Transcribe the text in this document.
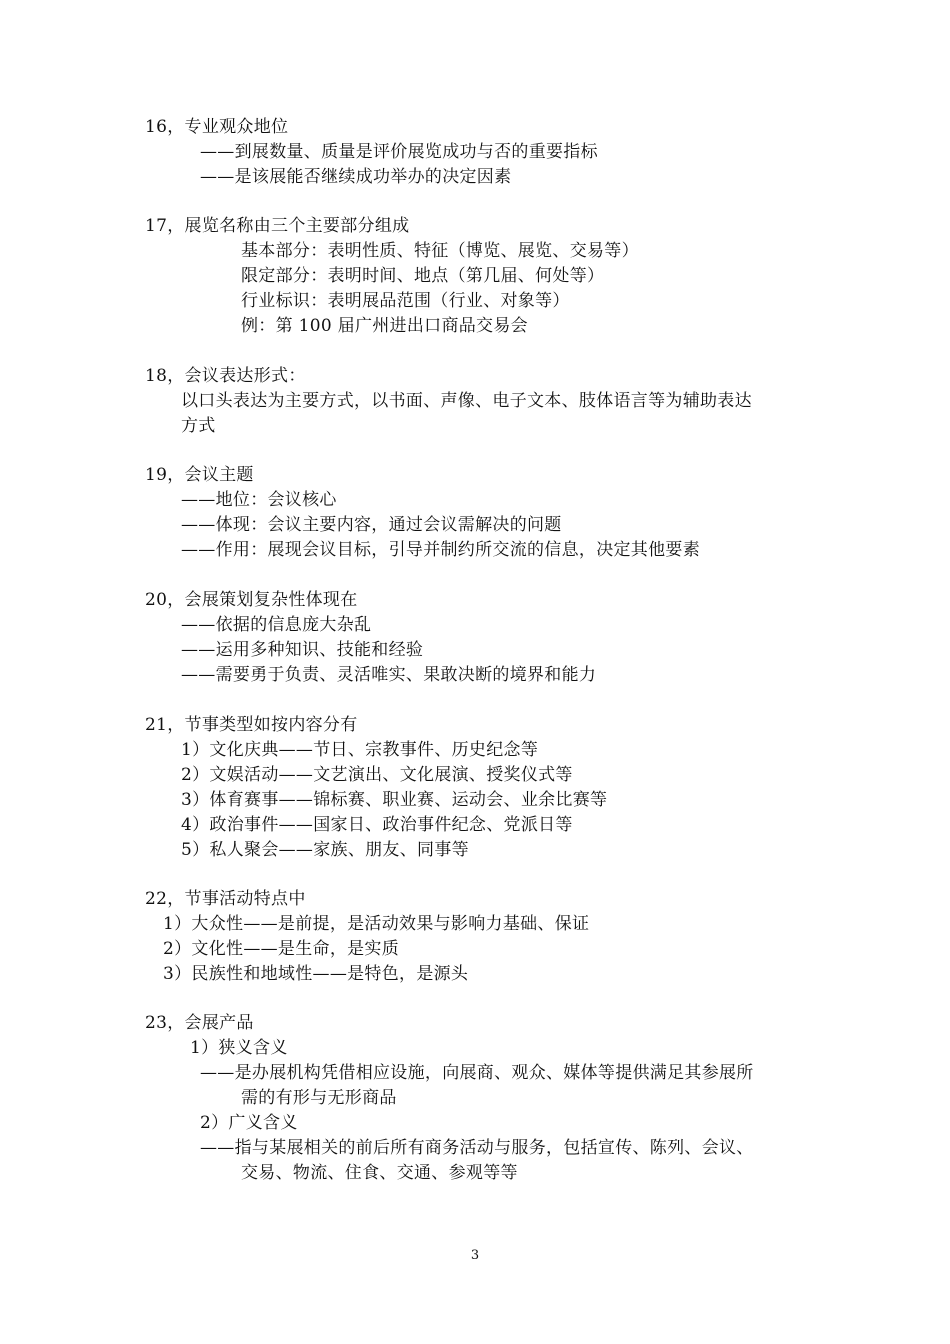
16，专业观众地位
——到展数量、质量是评价展览成功与否的重要指标
——是该展能否继续成功举办的决定因素
17，展览名称由三个主要部分组成
基本部分：表明性质、特征（博览、展览、交易等）
限定部分：表明时间、地点（第几届、何处等）
行业标识：表明展品范围（行业、对象等）
例：第 100 届广州进出口商品交易会
18，会议表达形式：
以口头表达为主要方式，以书面、声像、电子文本、肢体语言等为辅助表达
方式
19，会议主题
——地位：会议核心
——体现：会议主要内容，通过会议需解决的问题
——作用：展现会议目标，引导并制约所交流的信息，决定其他要素
20，会展策划复杂性体现在
——依据的信息庞大杂乱
——运用多种知识、技能和经验
——需要勇于负责、灵活唯实、果敢决断的境界和能力
21，节事类型如按内容分有
1）文化庆典——节日、宗教事件、历史纪念等
2）文娱活动——文艺演出、文化展演、授奖仪式等
3）体育赛事——锦标赛、职业赛、运动会、业余比赛等
4）政治事件——国家日、政治事件纪念、党派日等
5）私人聚会——家族、朋友、同事等
22，节事活动特点中
1）大众性——是前提，是活动效果与影响力基础、保证
2）文化性——是生命，是实质
3）民族性和地域性——是特色，是源头
23，会展产品
1）狭义含义
——是办展机构凭借相应设施，向展商、观众、媒体等提供满足其参展所
需的有形与无形商品
2）广义含义
——指与某展相关的前后所有商务活动与服务，包括宣传、陈列、会议、
交易、物流、住食、交通、参观等等
3
